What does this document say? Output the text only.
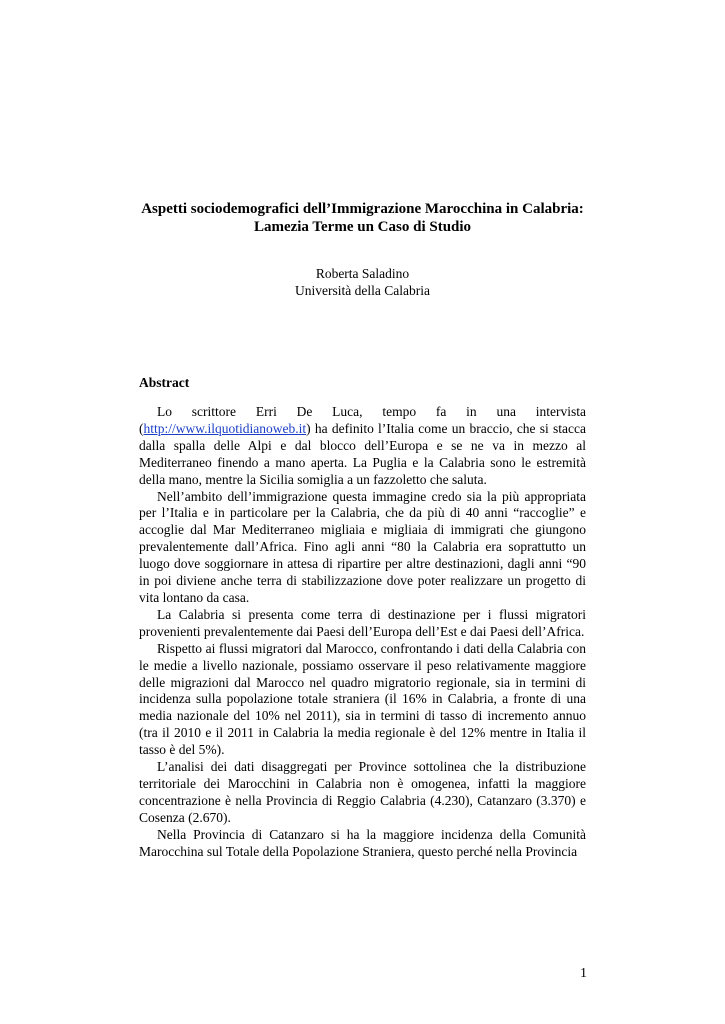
Aspetti sociodemografici dell’Immigrazione Marocchina in Calabria:
Lamezia Terme un Caso di Studio
Roberta Saladino
Università della Calabria
Abstract

Lo scrittore Erri De Luca, tempo fa in una intervista (http://www.ilquotidianoweb.it) ha definito l’Italia come un braccio, che si stacca dalla spalla delle Alpi e dal blocco dell’Europa e se ne va in mezzo al Mediterraneo finendo a mano aperta. La Puglia e la Calabria sono le estremità della mano, mentre la Sicilia somiglia a un fazzoletto che saluta.

Nell’ambito dell’immigrazione questa immagine credo sia la più appropriata per l’Italia e in particolare per la Calabria, che da più di 40 anni “raccoglie” e accoglie dal Mar Mediterraneo migliaia e migliaia di immigrati che giungono prevalentemente dall’Africa. Fino agli anni “80 la Calabria era soprattutto un luogo dove soggiornare in attesa di ripartire per altre destinazioni, dagli anni “90 in poi diviene anche terra di stabilizzazione dove poter realizzare un progetto di vita lontano da casa.

La Calabria si presenta come terra di destinazione per i flussi migratori provenienti prevalentemente dai Paesi dell’Europa dell’Est e dai Paesi dell’Africa.

Rispetto ai flussi migratori dal Marocco, confrontando i dati della Calabria con le medie a livello nazionale, possiamo osservare il peso relativamente maggiore delle migrazioni dal Marocco nel quadro migratorio regionale, sia in termini di incidenza sulla popolazione totale straniera (il 16% in Calabria, a fronte di una media nazionale del 10% nel 2011), sia in termini di tasso di incremento annuo (tra il 2010 e il 2011 in Calabria la media regionale è del 12% mentre in Italia il tasso è del 5%).

L’analisi dei dati disaggregati per Province sottolinea che la distribuzione territoriale dei Marocchini in Calabria non è omogenea, infatti la maggiore concentrazione è nella Provincia di Reggio Calabria (4.230), Catanzaro (3.370) e Cosenza (2.670).

Nella Provincia di Catanzaro si ha la maggiore incidenza della Comunità Marocchina sul Totale della Popolazione Straniera, questo perché nella Provincia

1
